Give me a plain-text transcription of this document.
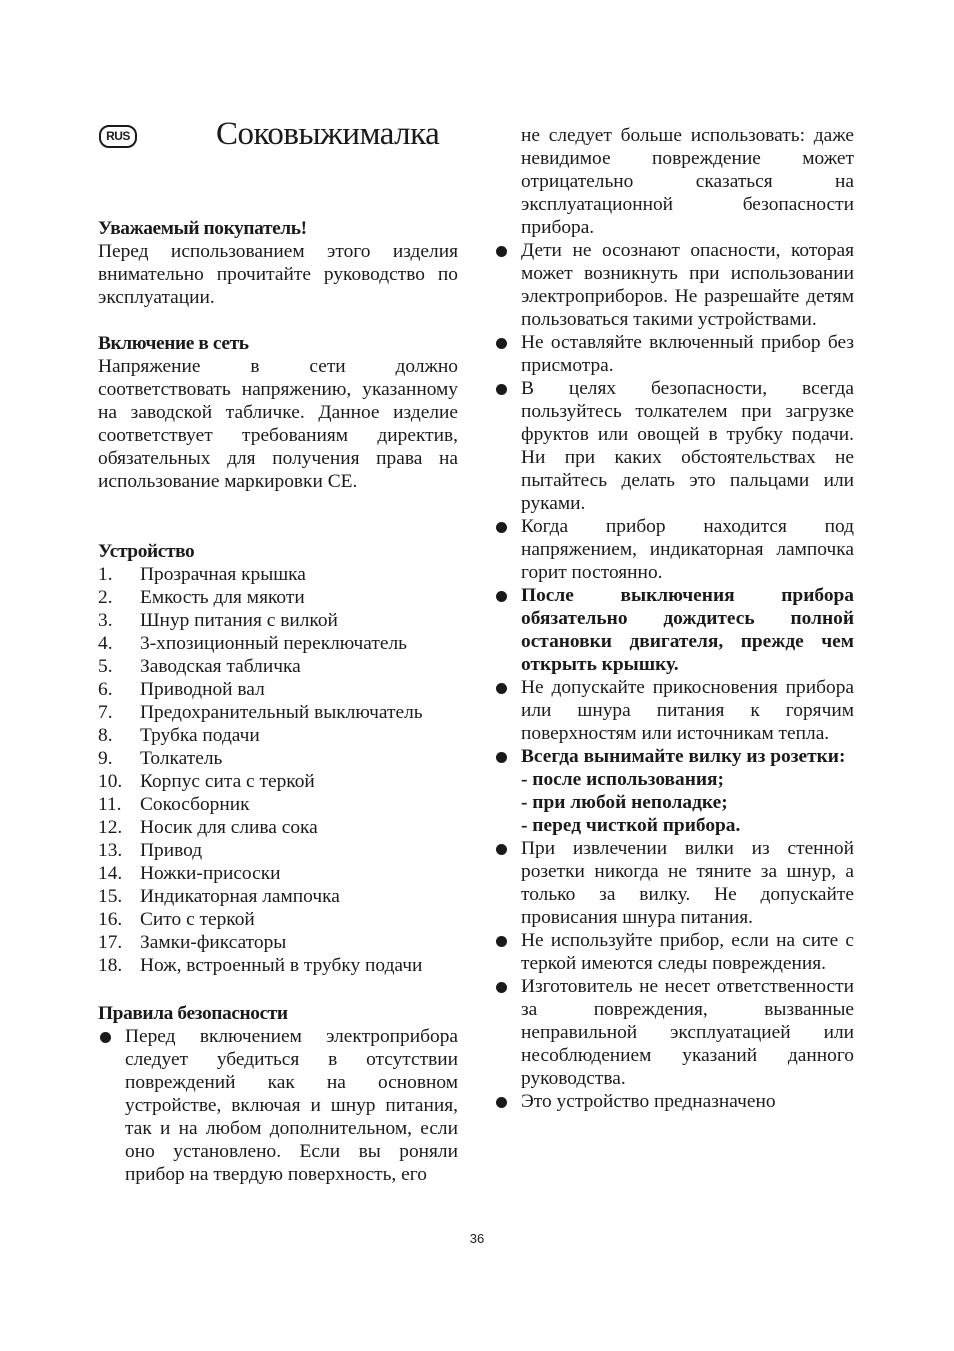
RUS	Соковыжималка
Уважаемый покупатель!

Перед использованием этого изделия внимательно прочитайте руководство по эксплуатации.

Включение в сеть

Напряжение в сети должно соответствовать напряжению, указанному на заводской табличке. Данное изделие соответствует требованиям директив, обязательных для получения права на использование маркировки CE.

Устройство
1.	Прозрачная крышка
2.	Емкость для мякоти
3.	Шнур питания с вилкой
4.	3-хпозиционный переключатель
5.	Заводская табличка
6.	Приводной вал
7.	Предохранительный выключатель
8.	Трубка подачи
9.	Толкатель
10. Корпус сита с теркой
11. Сокосборник
12. Носик для слива сока
13. Привод
14. Ножки-присоски
15. Индикаторная лампочка
16. Сито с теркой
17. Замки-фиксаторы
18. Нож, встроенный в трубку подачи
Правила безопасности
Перед включением электроприбора следует убедиться в отсутствии повреждений как на основном устройстве, включая и шнур питания, так и на любом дополнительном, если оно установлено. Если вы роняли прибор на твердую поверхность, его

не следует больше использовать: даже невидимое повреждение может отрицательно сказаться на эксплуатационной безопасности прибора.

Дети не осознают опасности, которая может возникнуть при использовании электроприборов. Не разрешайте детям пользоваться такими устройствами.
Не оставляйте включенный прибор без присмотра.
В целях безопасности, всегда пользуйтесь толкателем при загрузке фруктов или овощей в трубку подачи. Ни при каких обстоятельствах не пытайтесь делать это пальцами или руками.
Когда прибор находится под напряжением, индикаторная лампочка горит постоянно.
После выключения прибора обязательно дождитесь полной остановки двигателя, прежде чем открыть крышку.
Не допускайте прикосновения прибора или шнура питания к горячим поверхностям или источникам тепла.
Всегда вынимайте вилку из розетки:
- после использования;
- при любой неполадке;
- перед чисткой прибора.
При извлечении вилки из стенной розетки никогда не тяните за шнур, а только за вилку. Не допускайте провисания шнура питания.
Не используйте прибор, если на сите с теркой имеются следы повреждения.
Изготовитель не несет ответственности за повреждения, вызванные неправильной эксплуатацией или несоблюдением указаний данного руководства.
Это устройство предназначено
36
